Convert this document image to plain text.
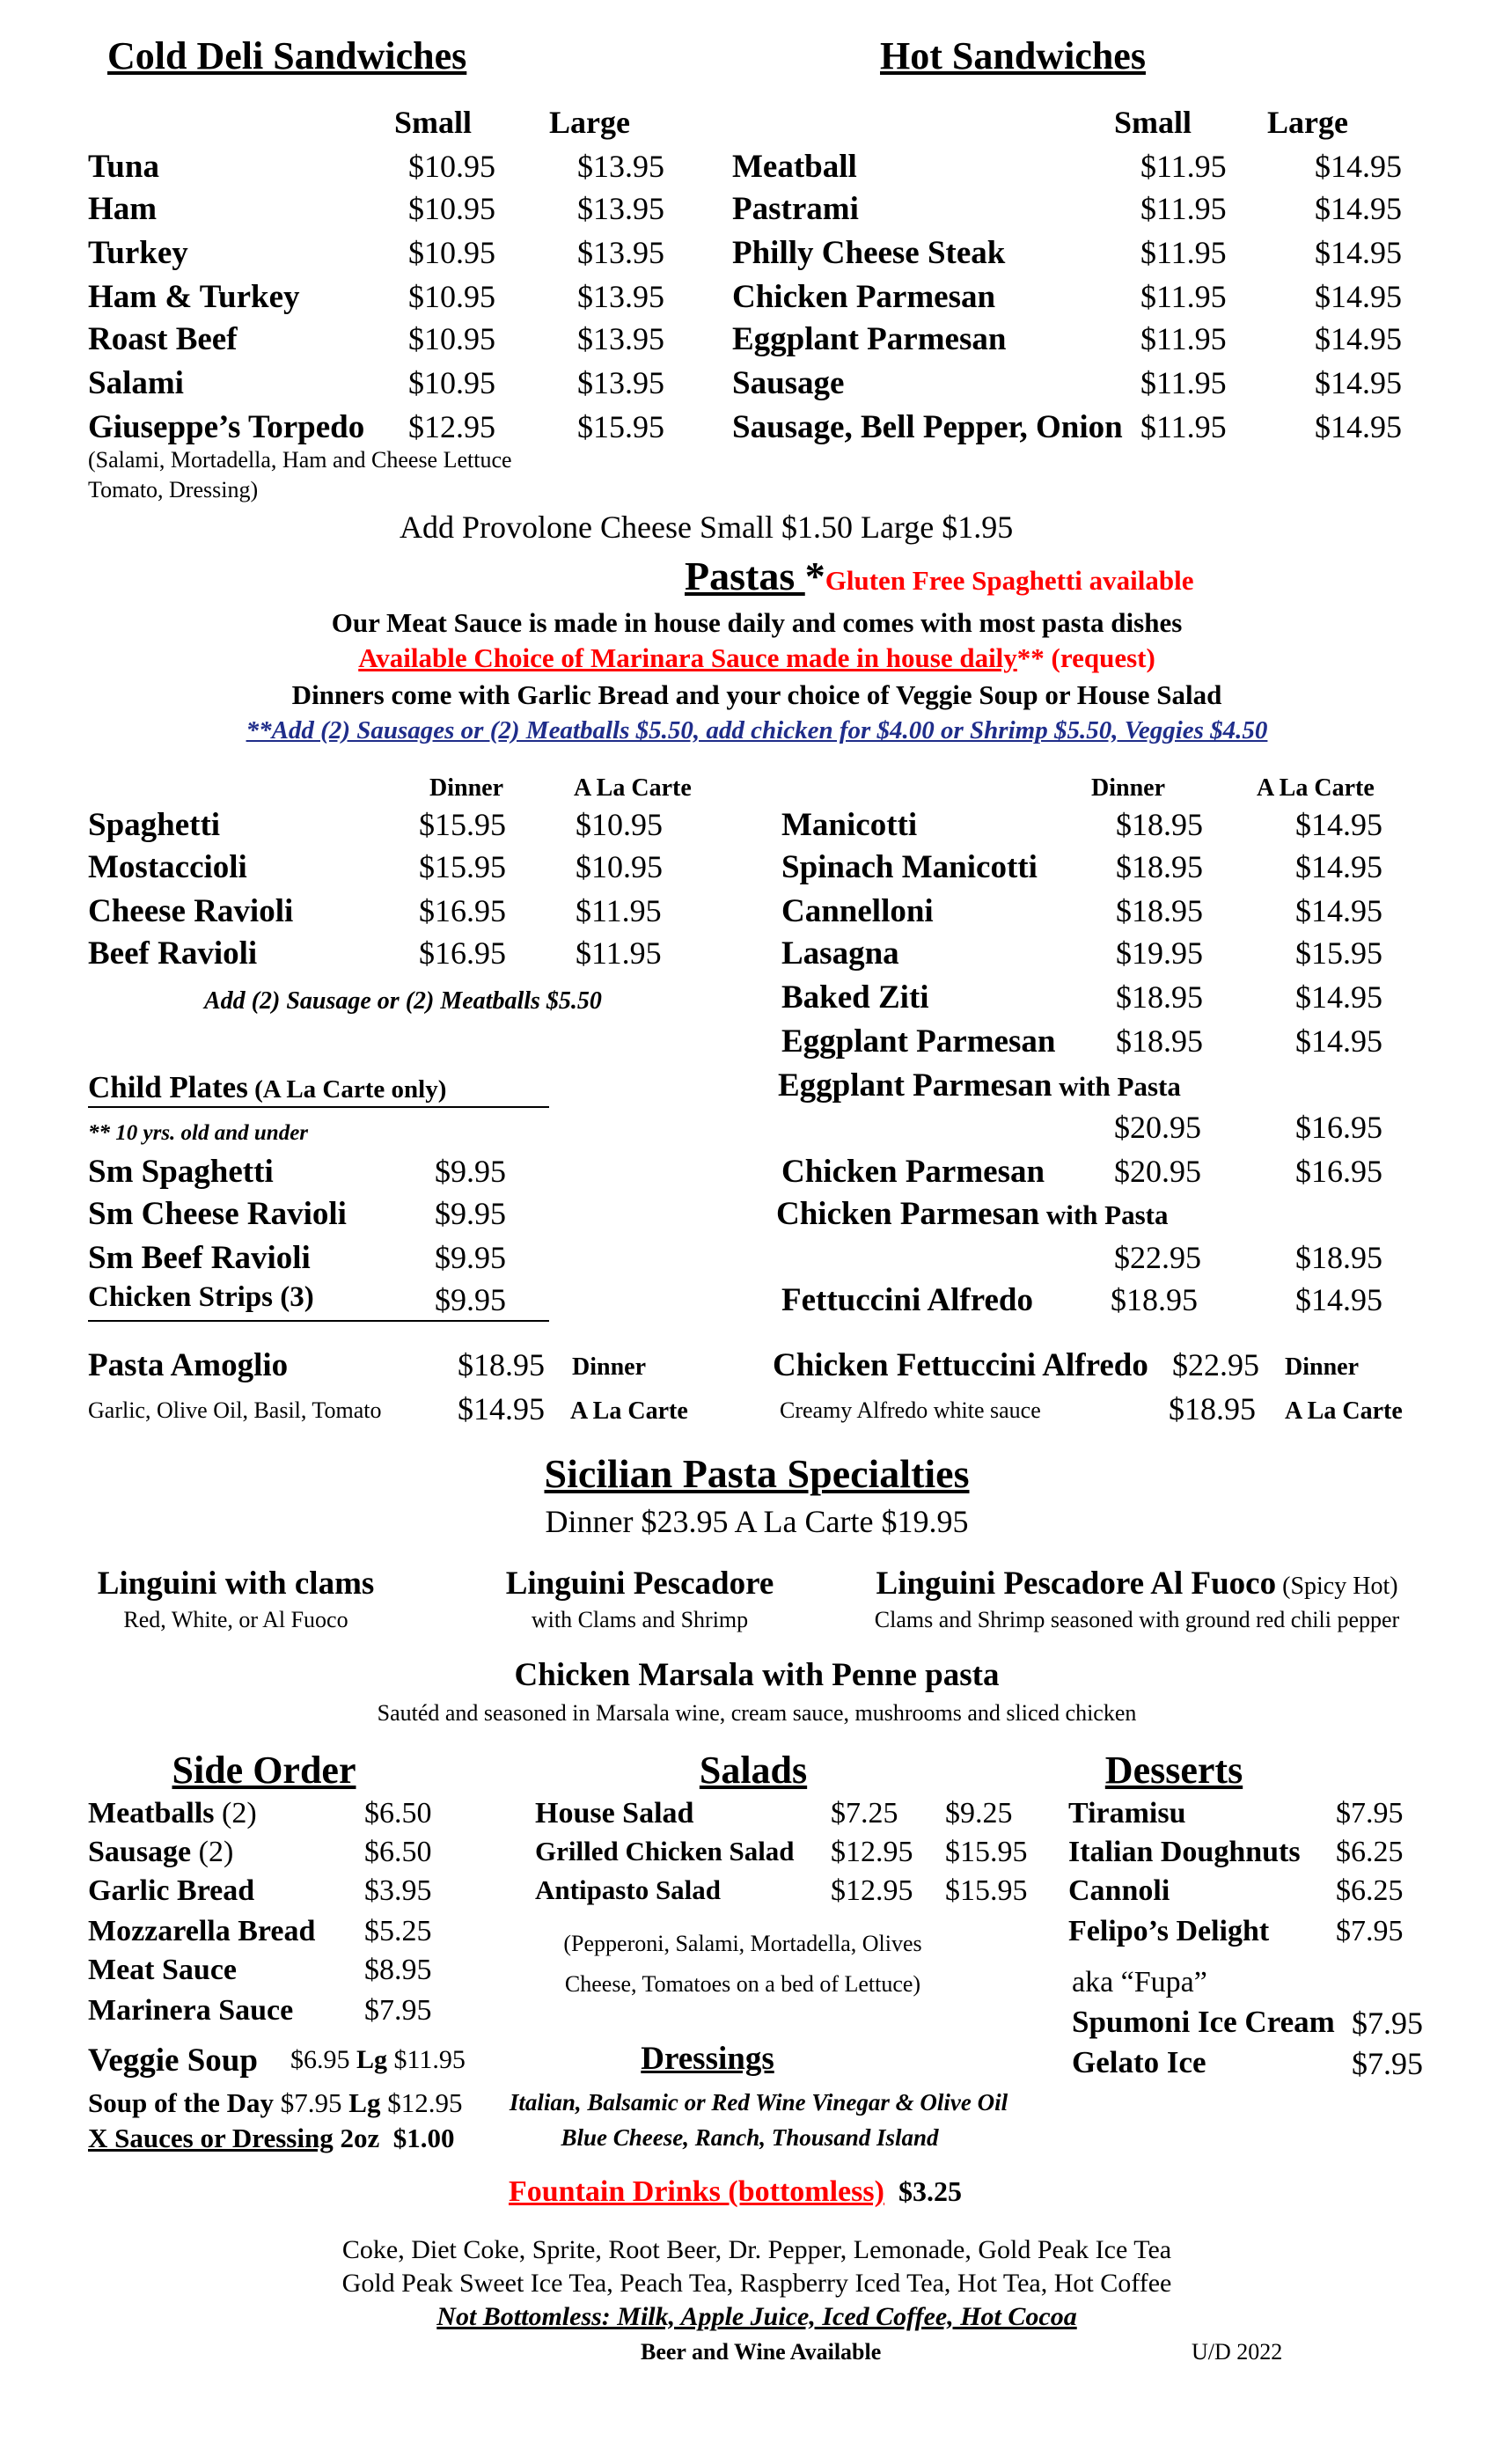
Cold Deli Sandwiches
Small Large
Tuna	$10.95	$13.95
Ham	$10.95	$13.95
Turkey	$10.95	$13.95
Ham & Turkey	$10.95	$13.95
Roast Beef	$10.95	$13.95
Salami	$10.95	$13.95
Giuseppe’s Torpedo $12.95	$15.95
(Salami, Mortadella, Ham and Cheese Lettuce
Tomato, Dressing)
Hot Sandwiches
Small Large
Meatball	$11.95	$14.95
Pastrami	$11.95	$14.95
Philly Cheese Steak	$11.95	$14.95
Chicken Parmesan	$11.95	$14.95
Eggplant Parmesan	$11.95	$14.95
Sausage	$11.95	$14.95
Sausage, Bell Pepper, Onion $11.95	$14.95
Add Provolone Cheese Small $1.50 Large $1.95
Pastas *Gluten Free Spaghetti available
Our Meat Sauce is made in house daily and comes with most pasta dishes
Available Choice of Marinara Sauce made in house daily** (request)
Dinners come with Garlic Bread and your choice of Veggie Soup or House Salad
**Add (2) Sausages or (2) Meatballs $5.50, add chicken for $4.00 or Shrimp $5.50, Veggies $4.50
Dinner	A La Carte	Dinner	A La Carte
Spaghetti	$15.95 $10.95
Mostaccioli	$15.95 $10.95
Cheese Ravioli	$16.95 $11.95
Beef Ravioli	$16.95 $11.95
Add (2) Sausage or (2) Meatballs $5.50
Manicotti	$18.95	$14.95
Spinach Manicotti $18.95	$14.95
Cannelloni	$18.95	$14.95
Lasagna	$19.95	$15.95
Baked Ziti	$18.95	$14.95
Eggplant Parmesan $18.95	$14.95
Eggplant Parmesan with Pasta
$20.95	$16.95
Chicken Parmesan $20.95	$16.95
Chicken Parmesan with Pasta
$22.95	$18.95
Fettuccini Alfredo $18.95	$14.95
Child Plates (A La Carte only)
** 10 yrs. old and under
Sm Spaghetti	$9.95
Sm Cheese Ravioli	$9.95
Sm Beef Ravioli	$9.95
Chicken Strips (3)	$9.95
Pasta Amoglio	$18.95 Dinner
Garlic, Olive Oil, Basil, Tomato $14.95 A La Carte
Chicken Fettuccini Alfredo $22.95 Dinner
Creamy Alfredo white sauce	$18.95 A La Carte
Sicilian Pasta Specialties
Dinner $23.95 A La Carte $19.95
Linguini with clams
Red, White, or Al Fuoco
Linguini Pescadore
with Clams and Shrimp
Linguini Pescadore Al Fuoco (Spicy Hot)
Clams and Shrimp seasoned with ground red chili pepper
Chicken Marsala with Penne pasta
Sautéd and seasoned in Marsala wine, cream sauce, mushrooms and sliced chicken
Side Order
Meatballs (2)	$6.50
Sausage (2)	$6.50
Garlic Bread	$3.95
Mozzarella Bread $5.25
Meat Sauce	$8.95
Marinera Sauce $7.95
Veggie Soup $6.95 Lg $11.95
Soup of the Day $7.95 Lg $12.95
X Sauces or Dressing 2oz $1.00
Salads
House Salad	$7.25 $9.25
Grilled Chicken Salad $12.95 $15.95
Antipasto Salad	$12.95 $15.95
(Pepperoni, Salami, Mortadella, Olives
Cheese, Tomatoes on a bed of Lettuce)
Dressings
Italian, Balsamic or Red Wine Vinegar & Olive Oil
Blue Cheese, Ranch, Thousand Island
Desserts
Tiramisu	$7.95
Italian Doughnuts $6.25
Cannoli	$6.25
Felipo’s Delight $7.95
aka “Fupa”
Spumoni Ice Cream $7.95
Gelato Ice	$7.95
Fountain Drinks (bottomless) $3.25
Coke, Diet Coke, Sprite, Root Beer, Dr. Pepper, Lemonade, Gold Peak Ice Tea
Gold Peak Sweet Ice Tea, Peach Tea, Raspberry Iced Tea, Hot Tea, Hot Coffee
Not Bottomless: Milk, Apple Juice, Iced Coffee, Hot Cocoa
Beer and Wine Available	U/D 2022
